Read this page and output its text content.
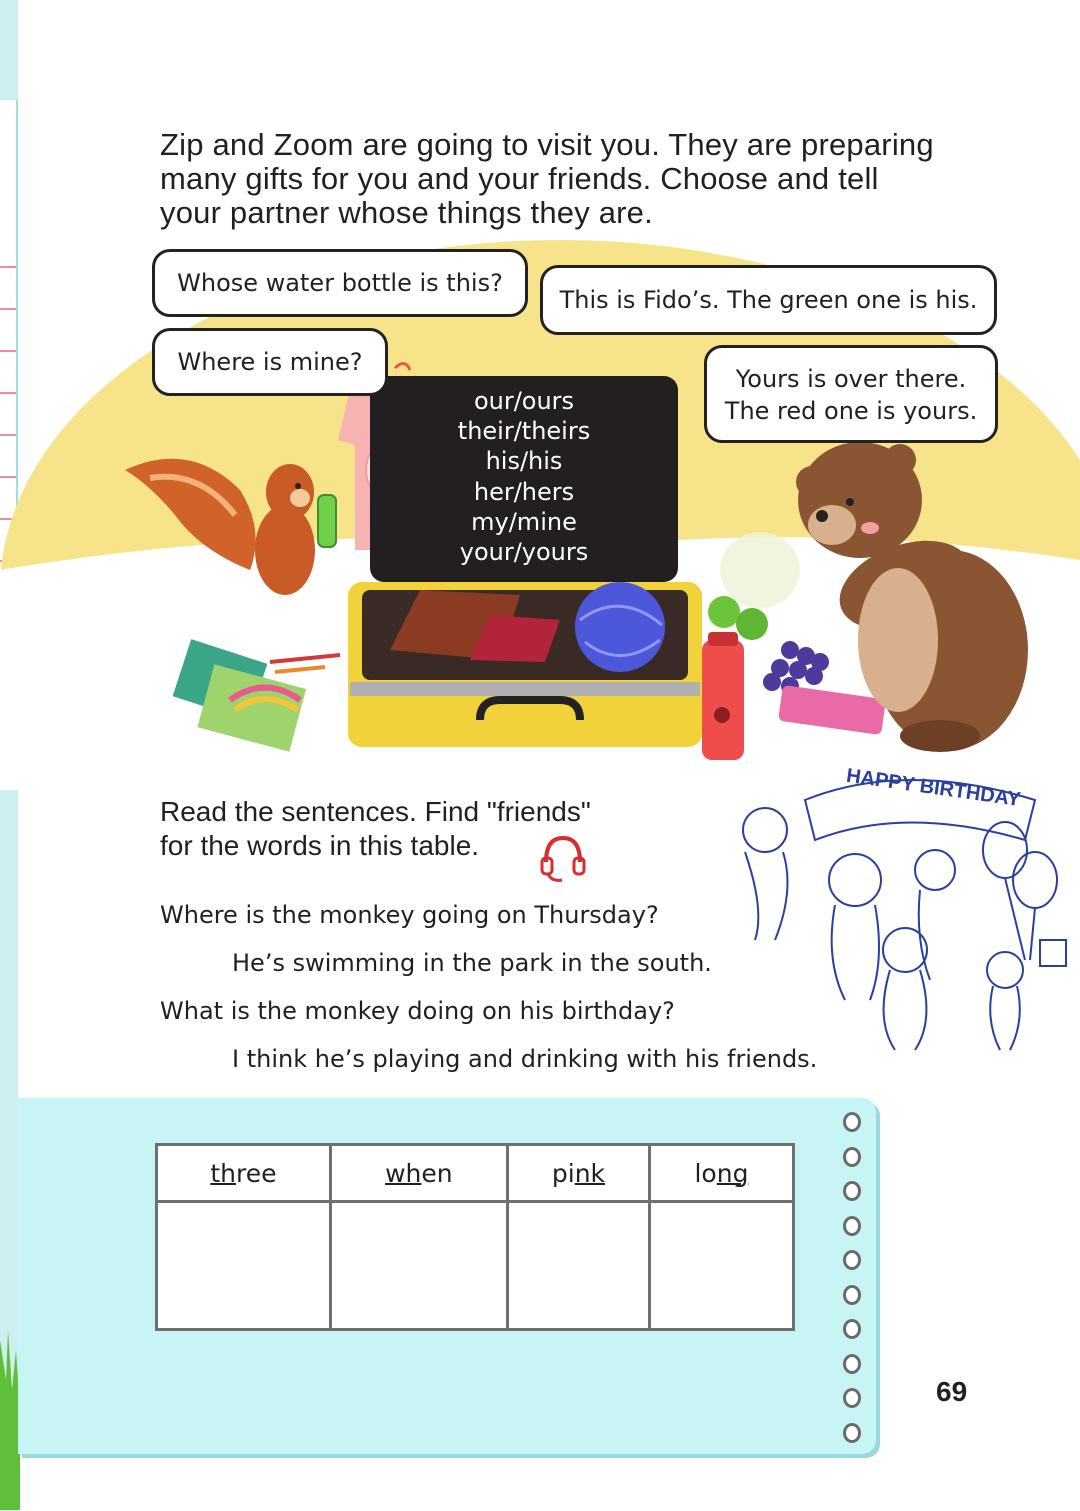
Zip and Zoom are going to visit you. They are preparing
many gifts for you and your friends. Choose and tell
your partner whose things they are.
Whose water bottle is this?
This is Fido’s. The green one is his.
Where is mine?
Yours is over there.
The red one is yours.
our/ours
their/theirs
his/his
her/hers
my/mine
your/yours
HAPPY BIRTHDAY
Read the sentences. Find "friends"
for the words in this table.
Where is the monkey going on Thursday?
He’s swimming in the park in the south.
What is the monkey doing on his birthday?
I think he’s playing and drinking with his friends.
three	when	pink	long

69
